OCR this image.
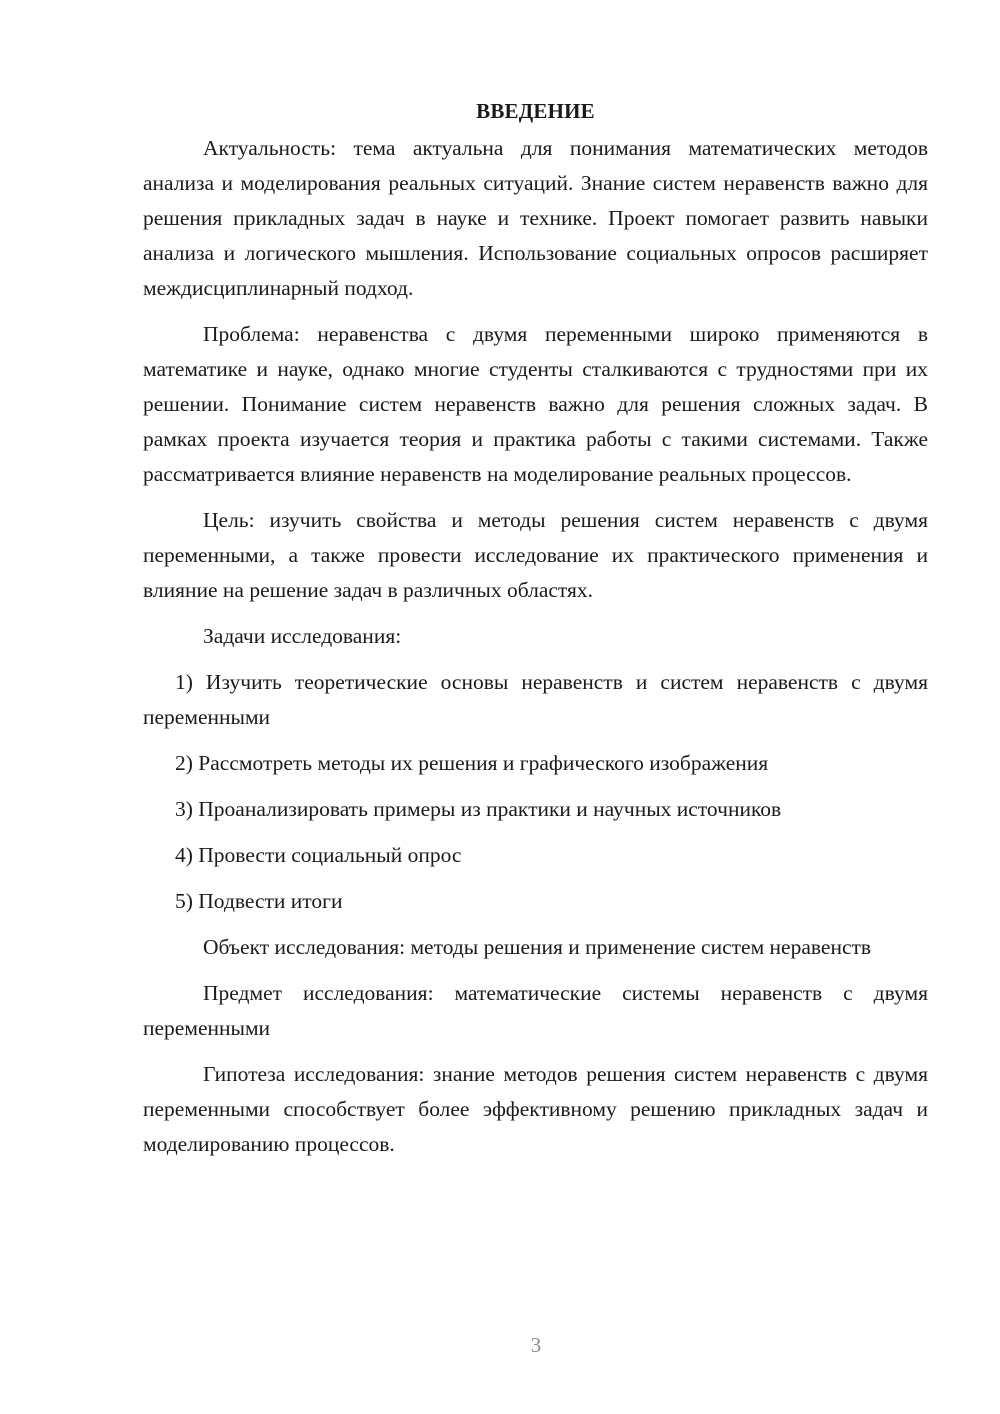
ВВЕДЕНИЕ

Актуальность: тема актуальна для понимания математических методов анализа и моделирования реальных ситуаций. Знание систем неравенств важно для решения прикладных задач в науке и технике. Проект помогает развить навыки анализа и логического мышления. Использование социальных опросов расширяет междисциплинарный подход.

Проблема: неравенства с двумя переменными широко применяются в математике и науке, однако многие студенты сталкиваются с трудностями при их решении. Понимание систем неравенств важно для решения сложных задач. В рамках проекта изучается теория и практика работы с такими системами. Также рассматривается влияние неравенств на моделирование реальных процессов.

Цель: изучить свойства и методы решения систем неравенств с двумя переменными, а также провести исследование их практического применения и влияние на решение задач в различных областях.

Задачи исследования:

1) Изучить теоретические основы неравенств и систем неравенств с двумя переменными

2) Рассмотреть методы их решения и графического изображения

3) Проанализировать примеры из практики и научных источников

4) Провести социальный опрос

5) Подвести итоги

Объект исследования: методы решения и применение систем неравенств

Предмет исследования: математические системы неравенств с двумя переменными

Гипотеза исследования: знание методов решения систем неравенств с двумя переменными способствует более эффективному решению прикладных задач и моделированию процессов.

3
